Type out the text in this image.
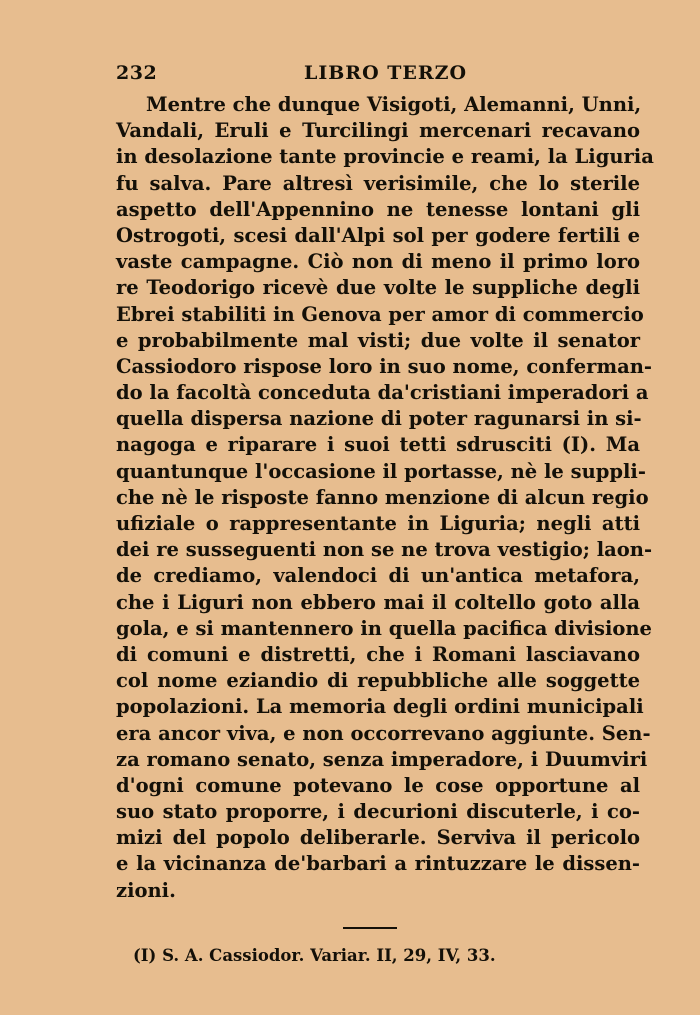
232	LIBRO TERZO
Mentre che dunque Visigoti, Alemanni, Unni,
Vandali, Eruli e Turcilingi mercenari recavano
in desolazione tante provincie e reami, la Liguria
fu salva. Pare altresì verisimile, che lo sterile
aspetto dell'Appennino ne tenesse lontani gli
Ostrogoti, scesi dall'Alpi sol per godere fertili e
vaste campagne. Ciò non di meno il primo loro
re Teodorigo ricevè due volte le suppliche degli
Ebrei stabiliti in Genova per amor di commercio
e probabilmente mal visti; due volte il senator
Cassiodoro rispose loro in suo nome, conferman-
do la facoltà conceduta da'cristiani imperadori a
quella dispersa nazione di poter ragunarsi in si-
nagoga e riparare i suoi tetti sdrusciti (I). Ma
quantunque l'occasione il portasse, nè le suppli-
che nè le risposte fanno menzione di alcun regio
ufiziale o rappresentante in Liguria; negli atti
dei re susseguenti non se ne trova vestigio; laon-
de crediamo, valendoci di un'antica metafora,
che i Liguri non ebbero mai il coltello goto alla
gola, e si mantennero in quella pacifica divisione
di comuni e distretti, che i Romani lasciavano
col nome eziandio di repubbliche alle soggette
popolazioni. La memoria degli ordini municipali
era ancor viva, e non occorrevano aggiunte. Sen-
za romano senato, senza imperadore, i Duumviri
d'ogni comune potevano le cose opportune al
suo stato proporre, i decurioni discuterle, i co-
mizi del popolo deliberarle. Serviva il pericolo
e la vicinanza de'barbari a rintuzzare le dissen-
zioni.
(I) S. A. Cassiodor. Variar. II, 29, IV, 33.
